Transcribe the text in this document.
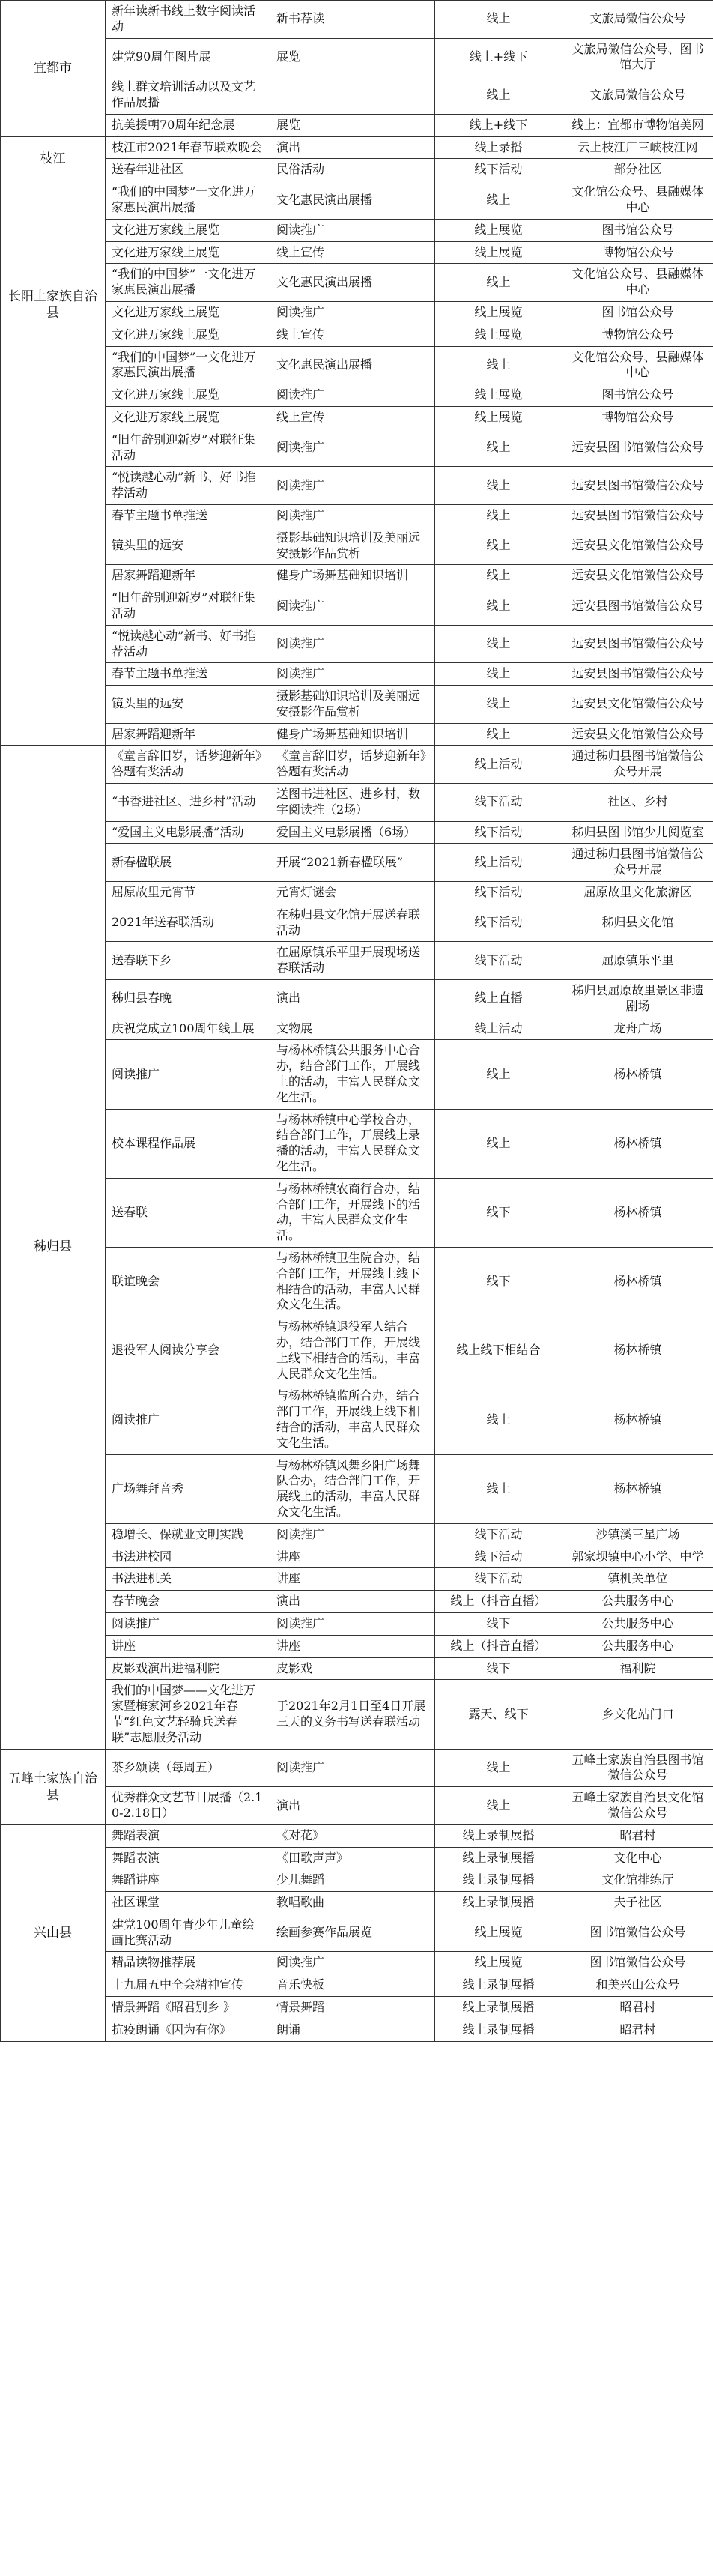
宜都市	新年读新书线上数字阅读活动	新书荐读	线上	文旅局微信公众号
	建党90周年图片展	展览	线上+线下	文旅局微信公众号、图书馆大厅
	线上群文培训活动以及文艺作品展播		线上	文旅局微信公众号
	抗美援朝70周年纪念展	展览	线上+线下	线上：宜都市博物馆美网
枝江	枝江市2021年春节联欢晚会	演出	线上录播	云上枝江厂三峡枝江网
	送春年进社区	民俗活动	线下活动	部分社区
长阳土家族自治县	“我们的中国梦”一文化进万家惠民演出展播	文化惠民演出展播	线上	文化馆公众号、县融媒体中心
	文化进万家线上展览	阅读推广	线上展览	图书馆公众号
	文化进万家线上展览	线上宣传	线上展览	博物馆公众号
	“我们的中国梦”一文化进万家惠民演出展播	文化惠民演出展播	线上	文化馆公众号、县融媒体中心
	文化进万家线上展览	阅读推广	线上展览	图书馆公众号
	文化进万家线上展览	线上宣传	线上展览	博物馆公众号
	“我们的中国梦”一文化进万家惠民演出展播	文化惠民演出展播	线上	文化馆公众号、县融媒体中心
	文化进万家线上展览	阅读推广	线上展览	图书馆公众号
	文化进万家线上展览	线上宣传	线上展览	博物馆公众号
	“旧年辞别迎新岁”对联征集活动	阅读推广	线上	远安县图书馆微信公众号
	“悦读越心动”新书、好书推荐活动	阅读推广	线上	远安县图书馆微信公众号
	春节主题书单推送	阅读推广	线上	远安县图书馆微信公众号
	镜头里的远安	摄影基础知识培训及美丽远安摄影作品赏析	线上	远安县文化馆微信公众号
	居家舞蹈迎新年	健身广场舞基础知识培训	线上	远安县文化馆微信公众号
	“旧年辞别迎新岁”对联征集活动	阅读推广	线上	远安县图书馆微信公众号
	“悦读越心动”新书、好书推荐活动	阅读推广	线上	远安县图书馆微信公众号
	春节主题书单推送	阅读推广	线上	远安县图书馆微信公众号
	镜头里的远安	摄影基础知识培训及美丽远安摄影作品赏析	线上	远安县文化馆微信公众号
	居家舞蹈迎新年	健身广场舞基础知识培训	线上	远安县文化馆微信公众号
秭归县	《童言辞旧岁，话梦迎新年》答题有奖活动	《童言辞旧岁，话梦迎新年》答题有奖活动	线上活动	通过秭归县图书馆微信公众号开展
	“书香进社区、进乡村”活动	送图书进社区、进乡村，数字阅读推（2场）	线下活动	社区、乡村
	“爱国主义电影展播”活动	爱国主义电影展播（6场）	线下活动	秭归县图书馆少儿阅览室
	新春楹联展	开展“2021新春楹联展”	线上活动	通过秭归县图书馆微信公众号开展
	屈原故里元宵节	元宵灯谜会	线下活动	屈原故里文化旅游区
	2021年送春联活动	在秭归县文化馆开展送春联活动	线下活动	秭归县文化馆
	送春联下乡	在屈原镇乐平里开展现场送春联活动	线下活动	屈原镇乐平里
	秭归县春晚	演出	线上直播	秭归县屈原故里景区非遗剧场
	庆祝党成立100周年线上展	文物展	线上活动	龙舟广场
	阅读推广	与杨林桥镇公共服务中心合办，结合部门工作，开展线上的活动，丰富人民群众文化生活。	线上	杨林桥镇
	校本课程作品展	与杨林桥镇中心学校合办，结合部门工作，开展线上录播的活动，丰富人民群众文化生活。	线上	杨林桥镇
	送春联	与杨林桥镇农商行合办，结合部门工作，开展线下的活动，丰富人民群众文化生活。	线下	杨林桥镇
	联谊晚会	与杨林桥镇卫生院合办，结合部门工作，开展线上线下相结合的活动，丰富人民群众文化生活。	线下	杨林桥镇
	退役军人阅读分享会	与杨林桥镇退役军人结合办，结合部门工作，开展线上线下相结合的活动，丰富人民群众文化生活。	线上线下相结合	杨林桥镇
	阅读推广	与杨林桥镇监所合办，结合部门工作，开展线上线下相结合的活动，丰富人民群众文化生活。	线上	杨林桥镇
	广场舞拜音秀	与杨林桥镇风舞乡阳广场舞队合办，结合部门工作，开展线上的活动，丰富人民群众文化生活。	线上	杨林桥镇
	稳增长、保就业文明实践	阅读推广	线下活动	沙镇溪三星广场
	书法进校园	讲座	线下活动	郭家坝镇中心小学、中学
	书法进机关	讲座	线下活动	镇机关单位
	春节晚会	演出	线上（抖音直播）	公共服务中心
	阅读推广	阅读推广	线下	公共服务中心
	讲座	讲座	线上（抖音直播）	公共服务中心
	皮影戏演出进福利院	皮影戏	线下	福利院
	我们的中国梦——文化进万家暨梅家河乡2021年春节“红色文艺轻骑兵送春联”志愿服务活动	于2021年2月1日至4日开展三天的义务书写送春联活动	露天、线下	乡文化站门口
五峰土家族自治县	茶乡颂读（每周五）	阅读推广	线上	五峰土家族自治县图书馆微信公众号
	优秀群众文艺节目展播（2.10-2.18日）	演出	线上	五峰土家族自治县文化馆微信公众号
兴山县	舞蹈表演	《对花》	线上录制展播	昭君村
	舞蹈表演	《田歌声声》	线上录制展播	文化中心
	舞蹈讲座	少儿舞蹈	线上录制展播	文化馆排练厅
	社区课堂	教唱歌曲	线上录制展播	夫子社区
	建党100周年青少年儿童绘画比赛活动	绘画参赛作品展览	线上展览	图书馆微信公众号
	精品读物推荐展	阅读推广	线上展览	图书馆微信公众号
	十九届五中全会精神宣传	音乐快板	线上录制展播	和美兴山公众号
	情景舞蹈《昭君别乡 》	情景舞蹈	线上录制展播	昭君村
	抗疫朗诵《因为有你》	朗诵	线上录制展播	昭君村
